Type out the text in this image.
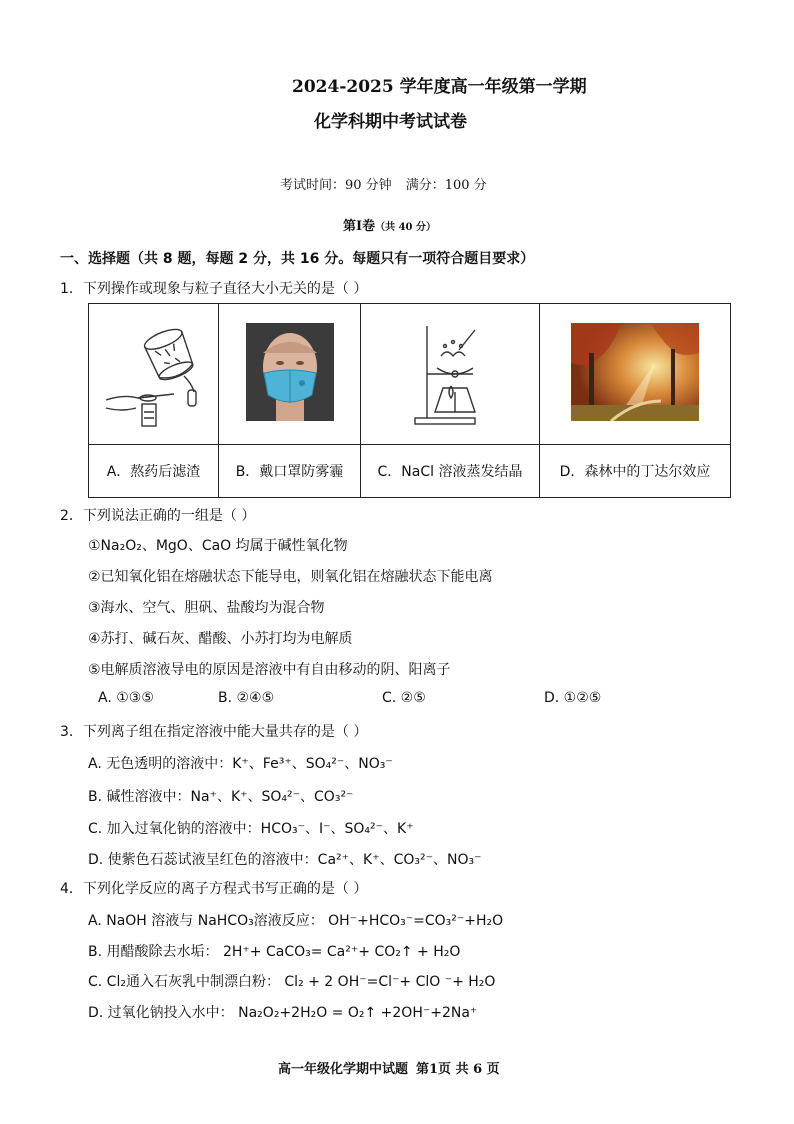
2024-2025 学年度高一年级第一学期
化学科期中考试试卷
考试时间：90 分钟 满分：100 分
第Ⅰ卷（共 40 分）
一、选择题（共 8 题，每题 2 分，共 16 分。每题只有一项符合题目要求）
1．下列操作或现象与粒子直径大小无关的是（ ）

A．熬药后滤渣	B．戴口罩防雾霾	C．NaCl 溶液蒸发结晶	D．森林中的丁达尔效应
2．下列说法正确的一组是（ ）
①Na₂O₂、MgO、CaO 均属于碱性氧化物
②已知氧化铝在熔融状态下能导电，则氧化铝在熔融状态下能电离
③海水、空气、胆矾、盐酸均为混合物
④苏打、碱石灰、醋酸、小苏打均为电解质
⑤电解质溶液导电的原因是溶液中有自由移动的阴、阳离子
A. ①③⑤	B. ②④⑤	C. ②⑤	D. ①②⑤
3．下列离子组在指定溶液中能大量共存的是（ ）
A. 无色透明的溶液中：K⁺、Fe³⁺、SO₄²⁻、NO₃⁻
B. 碱性溶液中：Na⁺、K⁺、SO₄²⁻、CO₃²⁻
C. 加入过氧化钠的溶液中：HCO₃⁻、I⁻、SO₄²⁻、K⁺
D. 使紫色石蕊试液呈红色的溶液中：Ca²⁺、K⁺、CO₃²⁻、NO₃⁻
4．下列化学反应的离子方程式书写正确的是（ ）
A. NaOH 溶液与 NaHCO₃溶液反应： OH⁻+HCO₃⁻=CO₃²⁻+H₂O
B. 用醋酸除去水垢： 2H⁺+ CaCO₃= Ca²⁺+ CO₂↑ + H₂O
C. Cl₂通入石灰乳中制漂白粉： Cl₂ + 2 OH⁻=Cl⁻+ ClO ⁻+ H₂O
D. 过氧化钠投入水中： Na₂O₂+2H₂O = O₂↑ +2OH⁻+2Na⁺
高一年级化学期中试题 第1页 共 6 页
